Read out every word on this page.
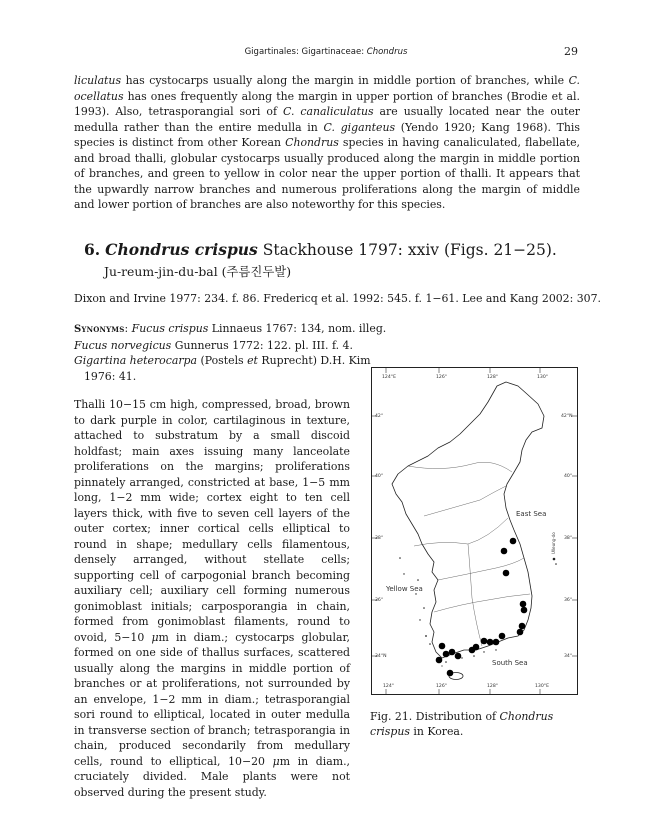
Gigartinales: Gigartinaceae: Chondrus	29

liculatus has cystocarps usually along the margin in middle portion of branches, while C. ocellatus has ones frequently along the margin in upper portion of branches (Brodie et al. 1993). Also, tetrasporangial sori of C. canaliculatus are usually located near the outer medulla rather than the entire medulla in C. giganteus (Yendo 1920; Kang 1968). This species is distinct from other Korean Chondrus species in having canaliculated, flabellate, and broad thalli, globular cystocarps usually produced along the margin in middle portion of branches, and green to yellow in color near the upper portion of thalli. It appears that the upwardly narrow branches and numerous proliferations along the margin of middle and lower portion of branches are also noteworthy for this species.

6. Chondrus crispus Stackhouse 1797: xxiv (Figs. 21−25).
Ju-reum-jin-du-bal (주름진두발)
Dixon and Irvine 1977: 234. f. 86. Fredericq et al. 1992: 545. f. 1−61. Lee and Kang 2002: 307.
Synonyms: Fucus crispus Linnaeus 1767: 134, nom. illeg.
Fucus norvegicus Gunnerus 1772: 122. pl. III. f. 4.
Gigartina heterocarpa (Postels et Ruprecht) D.H. Kim
1976: 41.

Thalli 10−15 cm high, compressed, broad, brown to dark purple in color, cartilaginous in texture, attached to substratum by a small discoid holdfast; main axes issuing many lanceolate proliferations on the margins; proliferations pinnately arranged, constricted at base, 1−5 mm long, 1−2 mm wide; cortex eight to ten cell layers thick, with five to seven cell layers of the outer cortex; inner cortical cells elliptical to round in shape; medullary cells filamentous, densely arranged, without stellate cells; supporting cell of carpogonial branch becoming auxiliary cell; auxiliary cell forming numerous gonimoblast initials; carposporangia in chain, formed from gonimoblast filaments, round to ovoid, 5−10 μm in diam.; cystocarps globular, formed on one side of thallus surfaces, scattered usually along the margins in middle portion of branches or at proliferations, not surrounded by an envelope, 1−2 mm in diam.; tetrasporangial sori round to elliptical, located in outer medulla in transverse section of branch; tetrasporangia in chain, produced secondarily from medullary cells, round to elliptical, 10−20 μm in diam., cruciately divided. Male plants were not observed during the present study.

124°E	126°	128°	130°
124°	126°	128°	130°E
42°
40°
38°
36°
34°N
42°N
40°
38°
36°
34°
Ulleung-do
East Sea
Yellow Sea
South Sea

Fig. 21. Distribution of Chondrus crispus in Korea.
